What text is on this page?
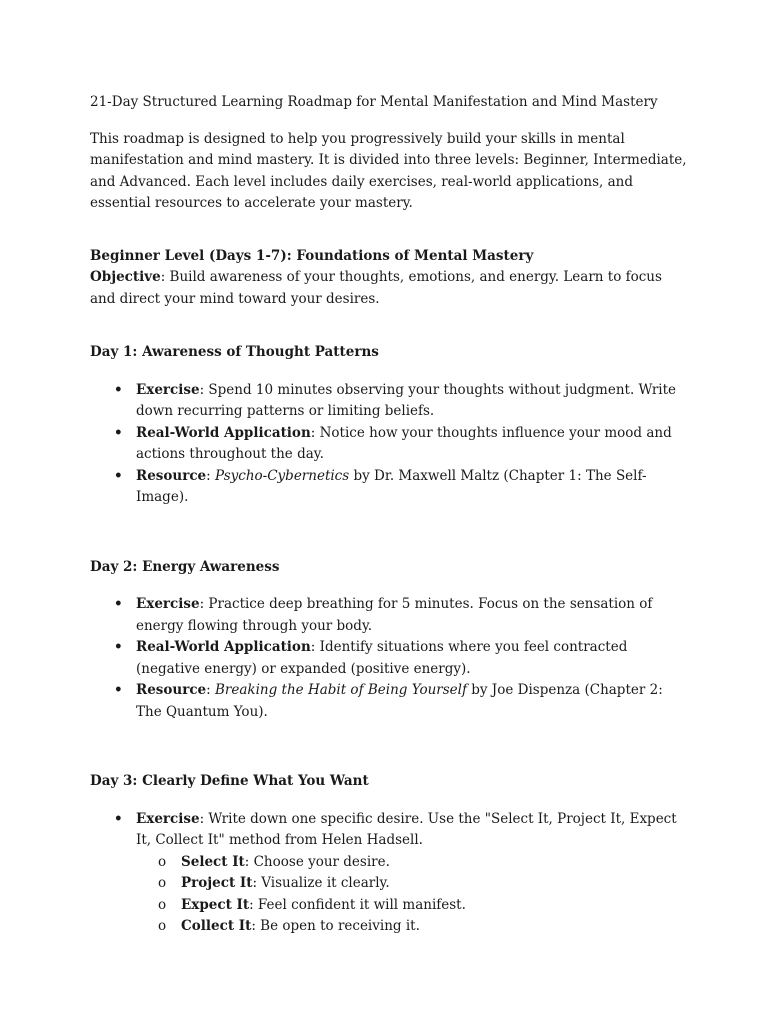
21-Day Structured Learning Roadmap for Mental Manifestation and Mind Mastery

This roadmap is designed to help you progressively build your skills in mental manifestation and mind mastery. It is divided into three levels: Beginner, Intermediate, and Advanced. Each level includes daily exercises, real-world applications, and essential resources to accelerate your mastery.

Beginner Level (Days 1-7): Foundations of Mental Mastery

Objective: Build awareness of your thoughts, emotions, and energy. Learn to focus and direct your mind toward your desires.

Day 1: Awareness of Thought Patterns

• Exercise: Spend 10 minutes observing your thoughts without judgment. Write down recurring patterns or limiting beliefs.
• Real-World Application: Notice how your thoughts influence your mood and actions throughout the day.
• Resource: Psycho-Cybernetics by Dr. Maxwell Maltz (Chapter 1: The Self-Image).

Day 2: Energy Awareness

• Exercise: Practice deep breathing for 5 minutes. Focus on the sensation of energy flowing through your body.
• Real-World Application: Identify situations where you feel contracted (negative energy) or expanded (positive energy).
• Resource: Breaking the Habit of Being Yourself by Joe Dispenza (Chapter 2: The Quantum You).

Day 3: Clearly Define What You Want

• Exercise: Write down one specific desire. Use the "Select It, Project It, Expect It, Collect It" method from Helen Hadsell.
o Select It: Choose your desire.
o Project It: Visualize it clearly.
o Expect It: Feel confident it will manifest.
o Collect It: Be open to receiving it.
